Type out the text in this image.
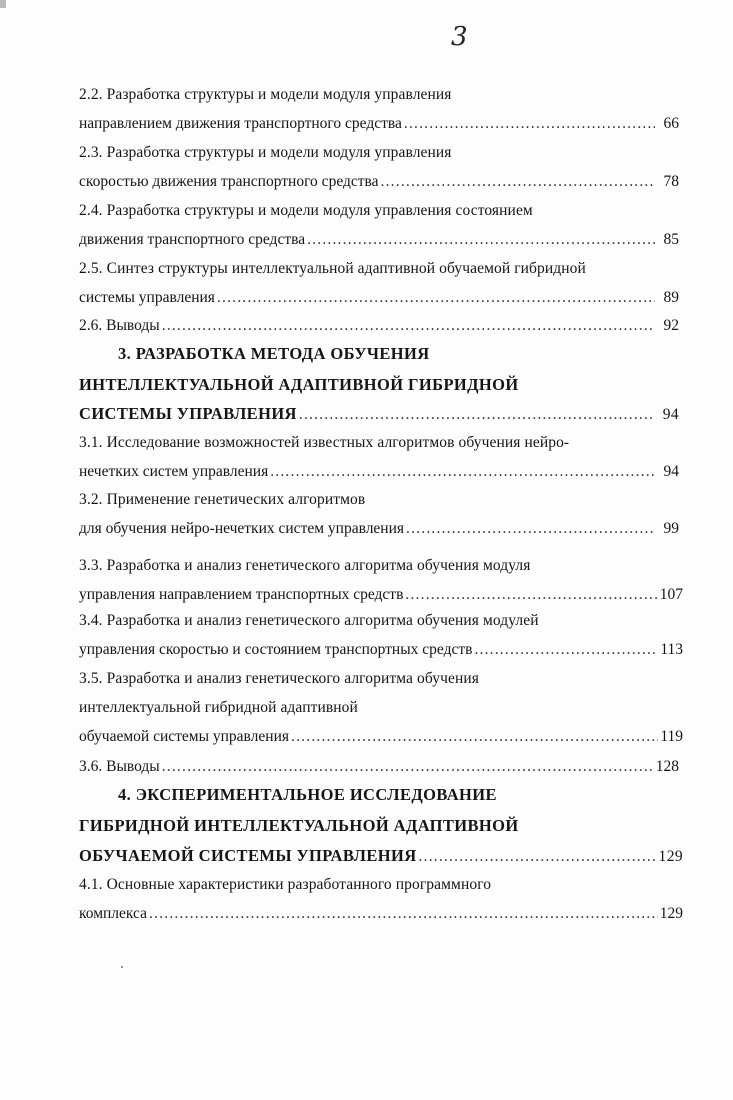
3
2.2. Разработка структуры и модели модуля управления
направлением движения транспортного средства .....	66
2.3. Разработка структуры и модели модуля управления
скоростью движения транспортного средства .....	78
2.4. Разработка структуры и модели модуля управления состоянием
движения транспортного средства .....	85
2.5. Синтез структуры интеллектуальной адаптивной обучаемой гибридной
системы управления .....	89
2.6. Выводы .....	92
3. РАЗРАБОТКА МЕТОДА ОБУЧЕНИЯ
ИНТЕЛЛЕКТУАЛЬНОЙ АДАПТИВНОЙ ГИБРИДНОЙ
СИСТЕМЫ УПРАВЛЕНИЯ .....	94
3.1. Исследование возможностей известных алгоритмов обучения нейро-
нечетких систем управления .....	94
3.2. Применение генетических алгоритмов
для обучения нейро-нечетких систем управления .....	99
3.3. Разработка и анализ генетического алгоритма обучения модуля
управления направлением транспортных средств .....	107
3.4. Разработка и анализ генетического алгоритма обучения модулей
управления скоростью и состоянием транспортных средств .....	113
3.5. Разработка и анализ генетического алгоритма обучения
интеллектуальной гибридной адаптивной
обучаемой системы управления .....	119
3.6. Выводы .....	128
4. ЭКСПЕРИМЕНТАЛЬНОЕ ИССЛЕДОВАНИЕ
ГИБРИДНОЙ ИНТЕЛЛЕКТУАЛЬНОЙ АДАПТИВНОЙ
ОБУЧАЕМОЙ СИСТЕМЫ УПРАВЛЕНИЯ .....	129
4.1. Основные характеристики разработанного программного
комплекса .....	129
